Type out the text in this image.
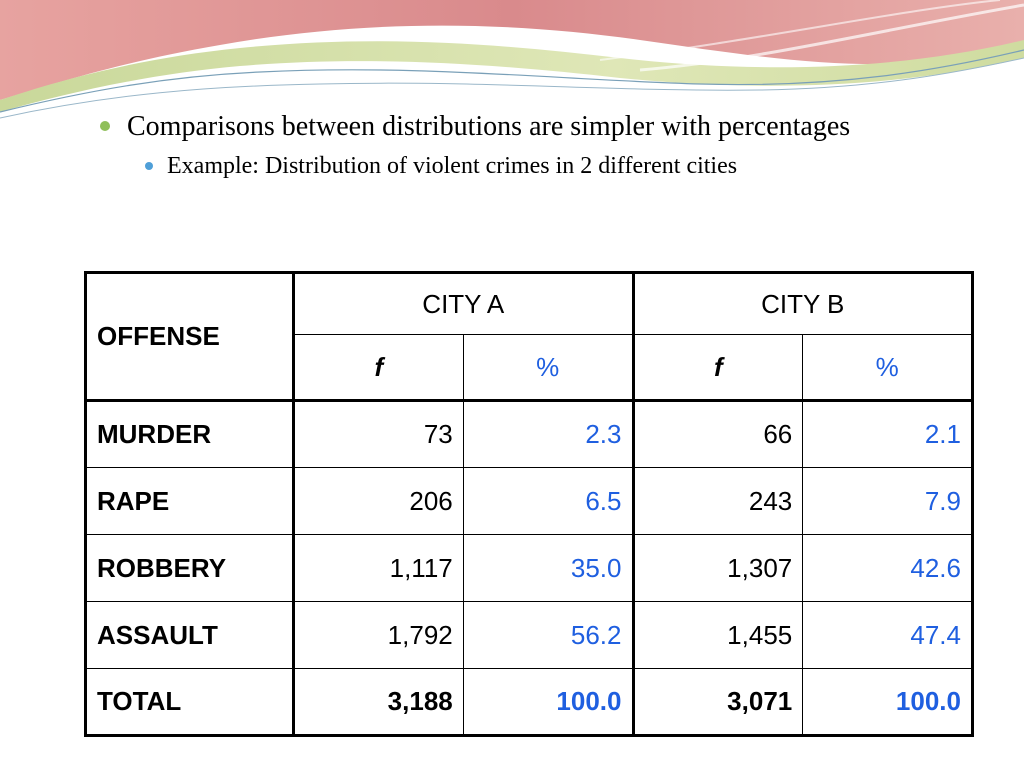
Comparisons between distributions are simpler with percentages
Example: Distribution of violent crimes in 2 different cities
OFFENSE	CITY A		CITY B	
	f	%	f	%
MURDER	73	2.3	66	2.1
RAPE	206	6.5	243	7.9
ROBBERY	1,117	35.0	1,307	42.6
ASSAULT	1,792	56.2	1,455	47.4
TOTAL	3,188	100.0	3,071	100.0
